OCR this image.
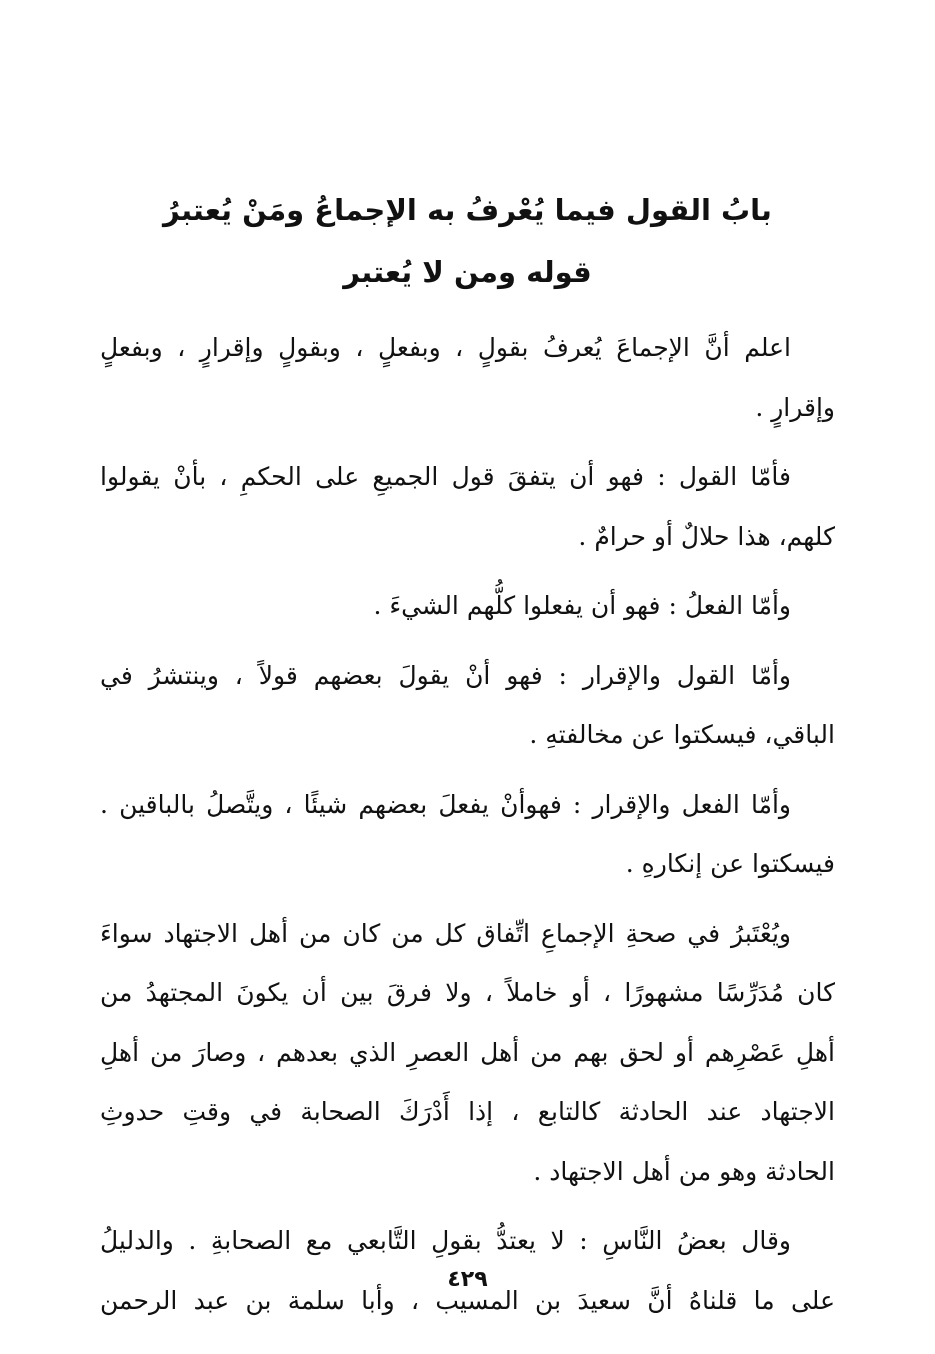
بابُ القول فيما يُعْرفُ به الإجماعُ ومَنْ يُعتبرُ
قوله ومن لا يُعتبر
اعلم أنَّ الإجماعَ يُعرفُ بقولٍ ، وبفعلٍ ، وبقولٍ وإقرارٍ ، وبفعلٍ
وإقرارٍ .
فأمّا القول : فهو أن يتفقَ قول الجميعِ على الحكمِ ، بأنْ يقولوا
كلهم، هذا حلالٌ أو حرامٌ .
وأمّا الفعلُ : فهو أن يفعلوا كلُّهم الشيءَ .
وأمّا القول والإقرار : فهو أنْ يقولَ بعضهم قولاً ، وينتشرُ في
الباقي، فيسكتوا عن مخالفتهِ .
وأمّا الفعل والإقرار : فهوأنْ يفعلَ بعضهم شيئًا ، ويتَّصلُ بالباقين .
فيسكتوا عن إنكارهِ .
ويُعْتَبرُ في صحةِ الإجماعِ اتِّفاق كل من كان من أهل الاجتهاد سواءَ
كان مُدَرِّسًا مشهورًا ، أو خاملاً ، ولا فرقَ بين أن يكونَ المجتهدُ من
أهلِ عَصْرِهم أو لحق بهم من أهل العصرِ الذي بعدهم ، وصارَ من أهلِ
الاجتهاد عند الحادثة كالتابع ، إذا أَدْرَكَ الصحابة في وقتِ حدوثِ
الحادثة وهو من أهل الاجتهاد .
وقال بعضُ النَّاسِ : لا يعتدُّ بقولِ التَّابعي مع الصحابةِ . والدليلُ
على ما قلناهُ أنَّ سعيدَ بن المسيب ، وأبا سلمة بن عبد الرحمن
٤٢٩
